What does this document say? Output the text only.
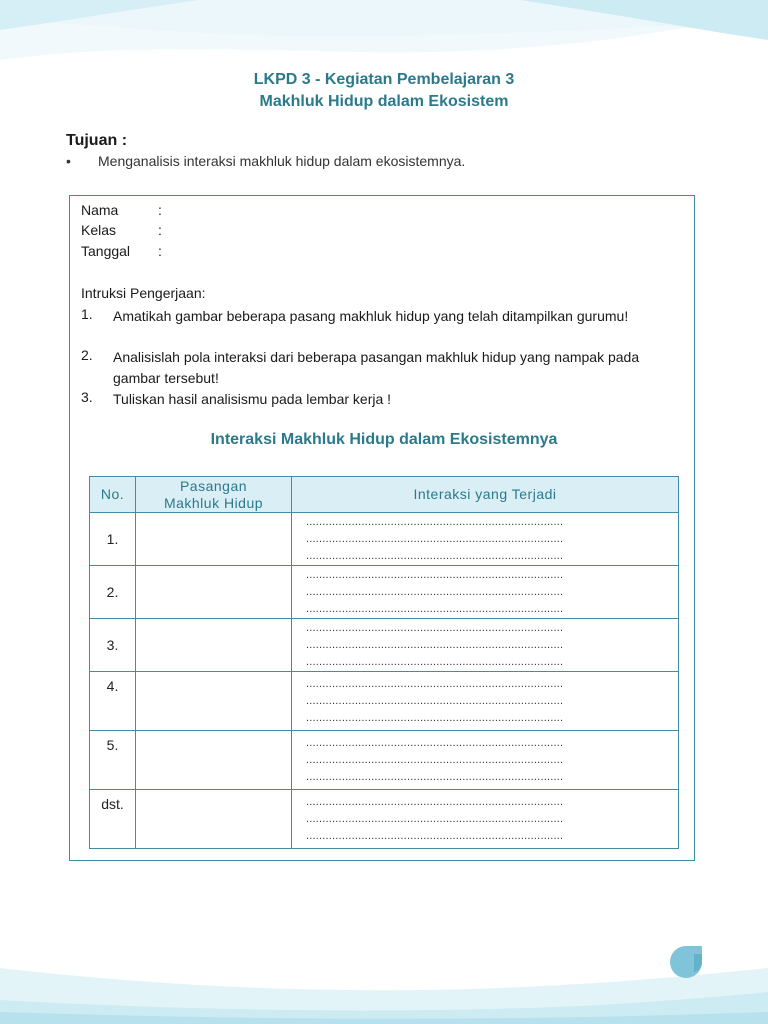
LKPD 3 - Kegiatan Pembelajaran 3
Makhluk Hidup dalam Ekosistem
Tujuan :
• Menganalisis interaksi makhluk hidup dalam ekosistemnya.
Nama	:
Kelas	:
Tanggal :
Intruksi Pengerjaan:
1. Amatikah gambar beberapa pasang makhluk hidup yang telah ditampilkan gurumu!
2. Analisislah pola interaksi dari beberapa pasangan makhluk hidup yang nampak pada gambar tersebut!
3. Tuliskan hasil analisismu pada lembar kerja !
Interaksi Makhluk Hidup dalam Ekosistemnya
No.	Pasangan Makhluk Hidup	Interaksi yang Terjadi
1.		...............................................................................
...............................................................................
...............................................................................

2.		...............................................................................
...............................................................................
...............................................................................

3.		...............................................................................
...............................................................................
...............................................................................

4.		...............................................................................
...............................................................................
...............................................................................

5.		...............................................................................
...............................................................................
...............................................................................

dst.		...............................................................................
...............................................................................
...............................................................................
